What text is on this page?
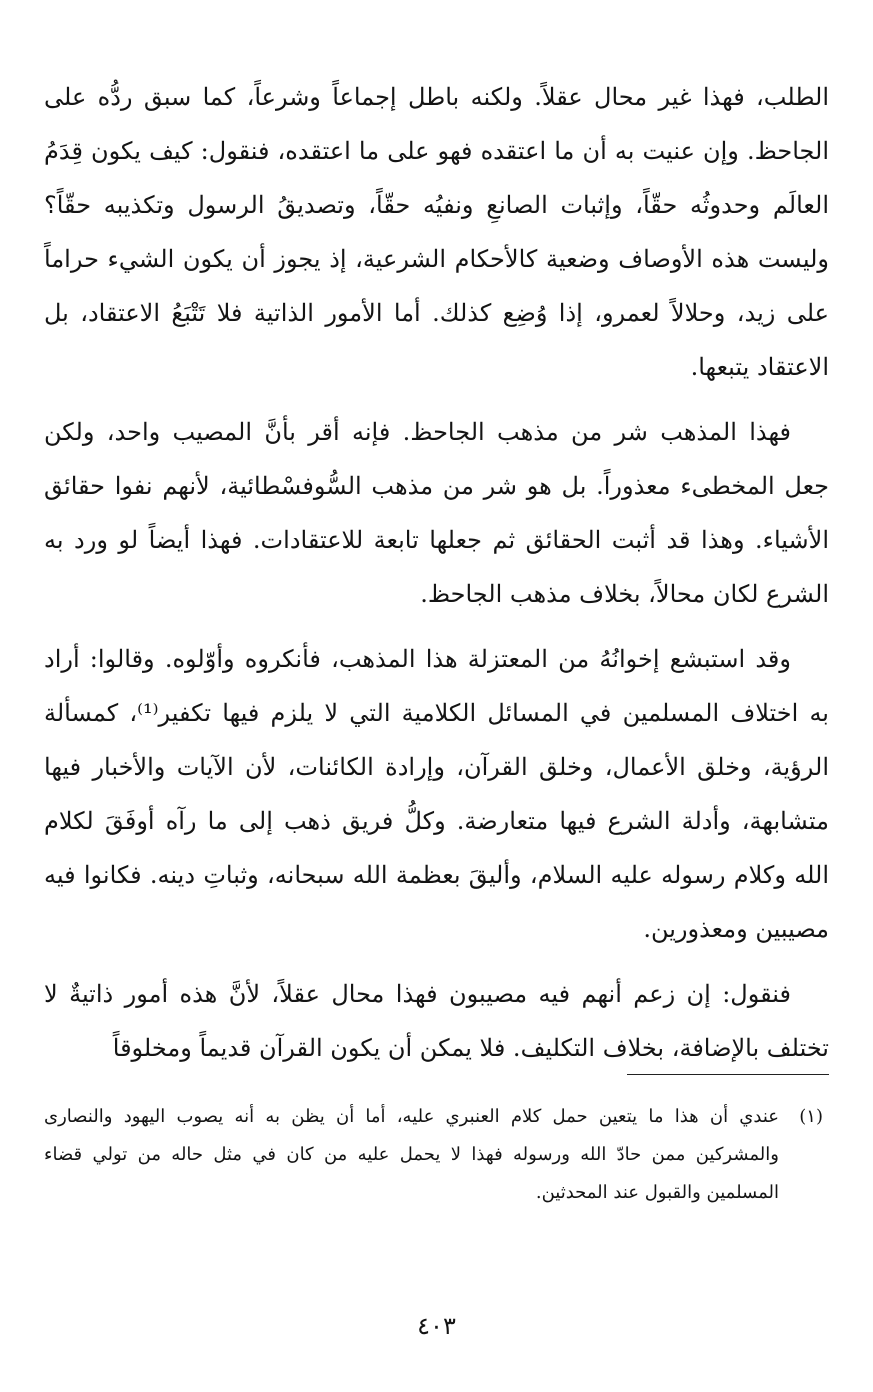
الطلب، فهذا غير محال عقلاً. ولكنه باطل إجماعاً وشرعاً، كما سبق ردُّه على الجاحظ. وإن عنيت به أن ما اعتقده فهو على ما اعتقده، فنقول: كيف يكون قِدَمُ العالَم وحدوثُه حقّاً، وإثبات الصانعِ ونفيُه حقّاً، وتصديقُ الرسول وتكذيبه حقّاً؟ وليست هذه الأوصاف وضعية كالأحكام الشرعية، إذ يجوز أن يكون الشيء حراماً على زيد، وحلالاً لعمرو، إذا وُضِع كذلك. أما الأمور الذاتية فلا تَتْبَعُ الاعتقاد، بل الاعتقاد يتبعها.

فهذا المذهب شر من مذهب الجاحظ. فإنه أقر بأنَّ المصيب واحد، ولكن جعل المخطىء معذوراً. بل هو شر من مذهب السُّوفسْطائية، لأنهم نفوا حقائق الأشياء. وهذا قد أثبت الحقائق ثم جعلها تابعة للاعتقادات. فهذا أيضاً لو ورد به الشرع لكان محالاً، بخلاف مذهب الجاحظ.

وقد استبشع إخوانُهُ من المعتزلة هذا المذهب، فأنكروه وأوّلوه. وقالوا: أراد به اختلاف المسلمين في المسائل الكلامية التي لا يلزم فيها تكفير⁽¹⁾، كمسألة الرؤية، وخلق الأعمال، وخلق القرآن، وإرادة الكائنات، لأن الآيات والأخبار فيها متشابهة، وأدلة الشرع فيها متعارضة. وكلُّ فريق ذهب إلى ما رآه أوفَقَ لكلام الله وكلام رسوله عليه السلام، وأليقَ بعظمة الله سبحانه، وثباتِ دينه. فكانوا فيه مصيبين ومعذورين.

فنقول: إن زعم أنهم فيه مصيبون فهذا محال عقلاً، لأنَّ هذه أمور ذاتيةٌ لا تختلف بالإضافة، بخلاف التكليف. فلا يمكن أن يكون القرآن قديماً ومخلوقاً

(١)
عندي أن هذا ما يتعين حمل كلام العنبري عليه، أما أن يظن به أنه يصوب اليهود والنصارى والمشركين ممن حادّ الله ورسوله فهذا لا يحمل عليه من كان في مثل حاله من تولي قضاء المسلمين والقبول عند المحدثين.
٤٠٣
